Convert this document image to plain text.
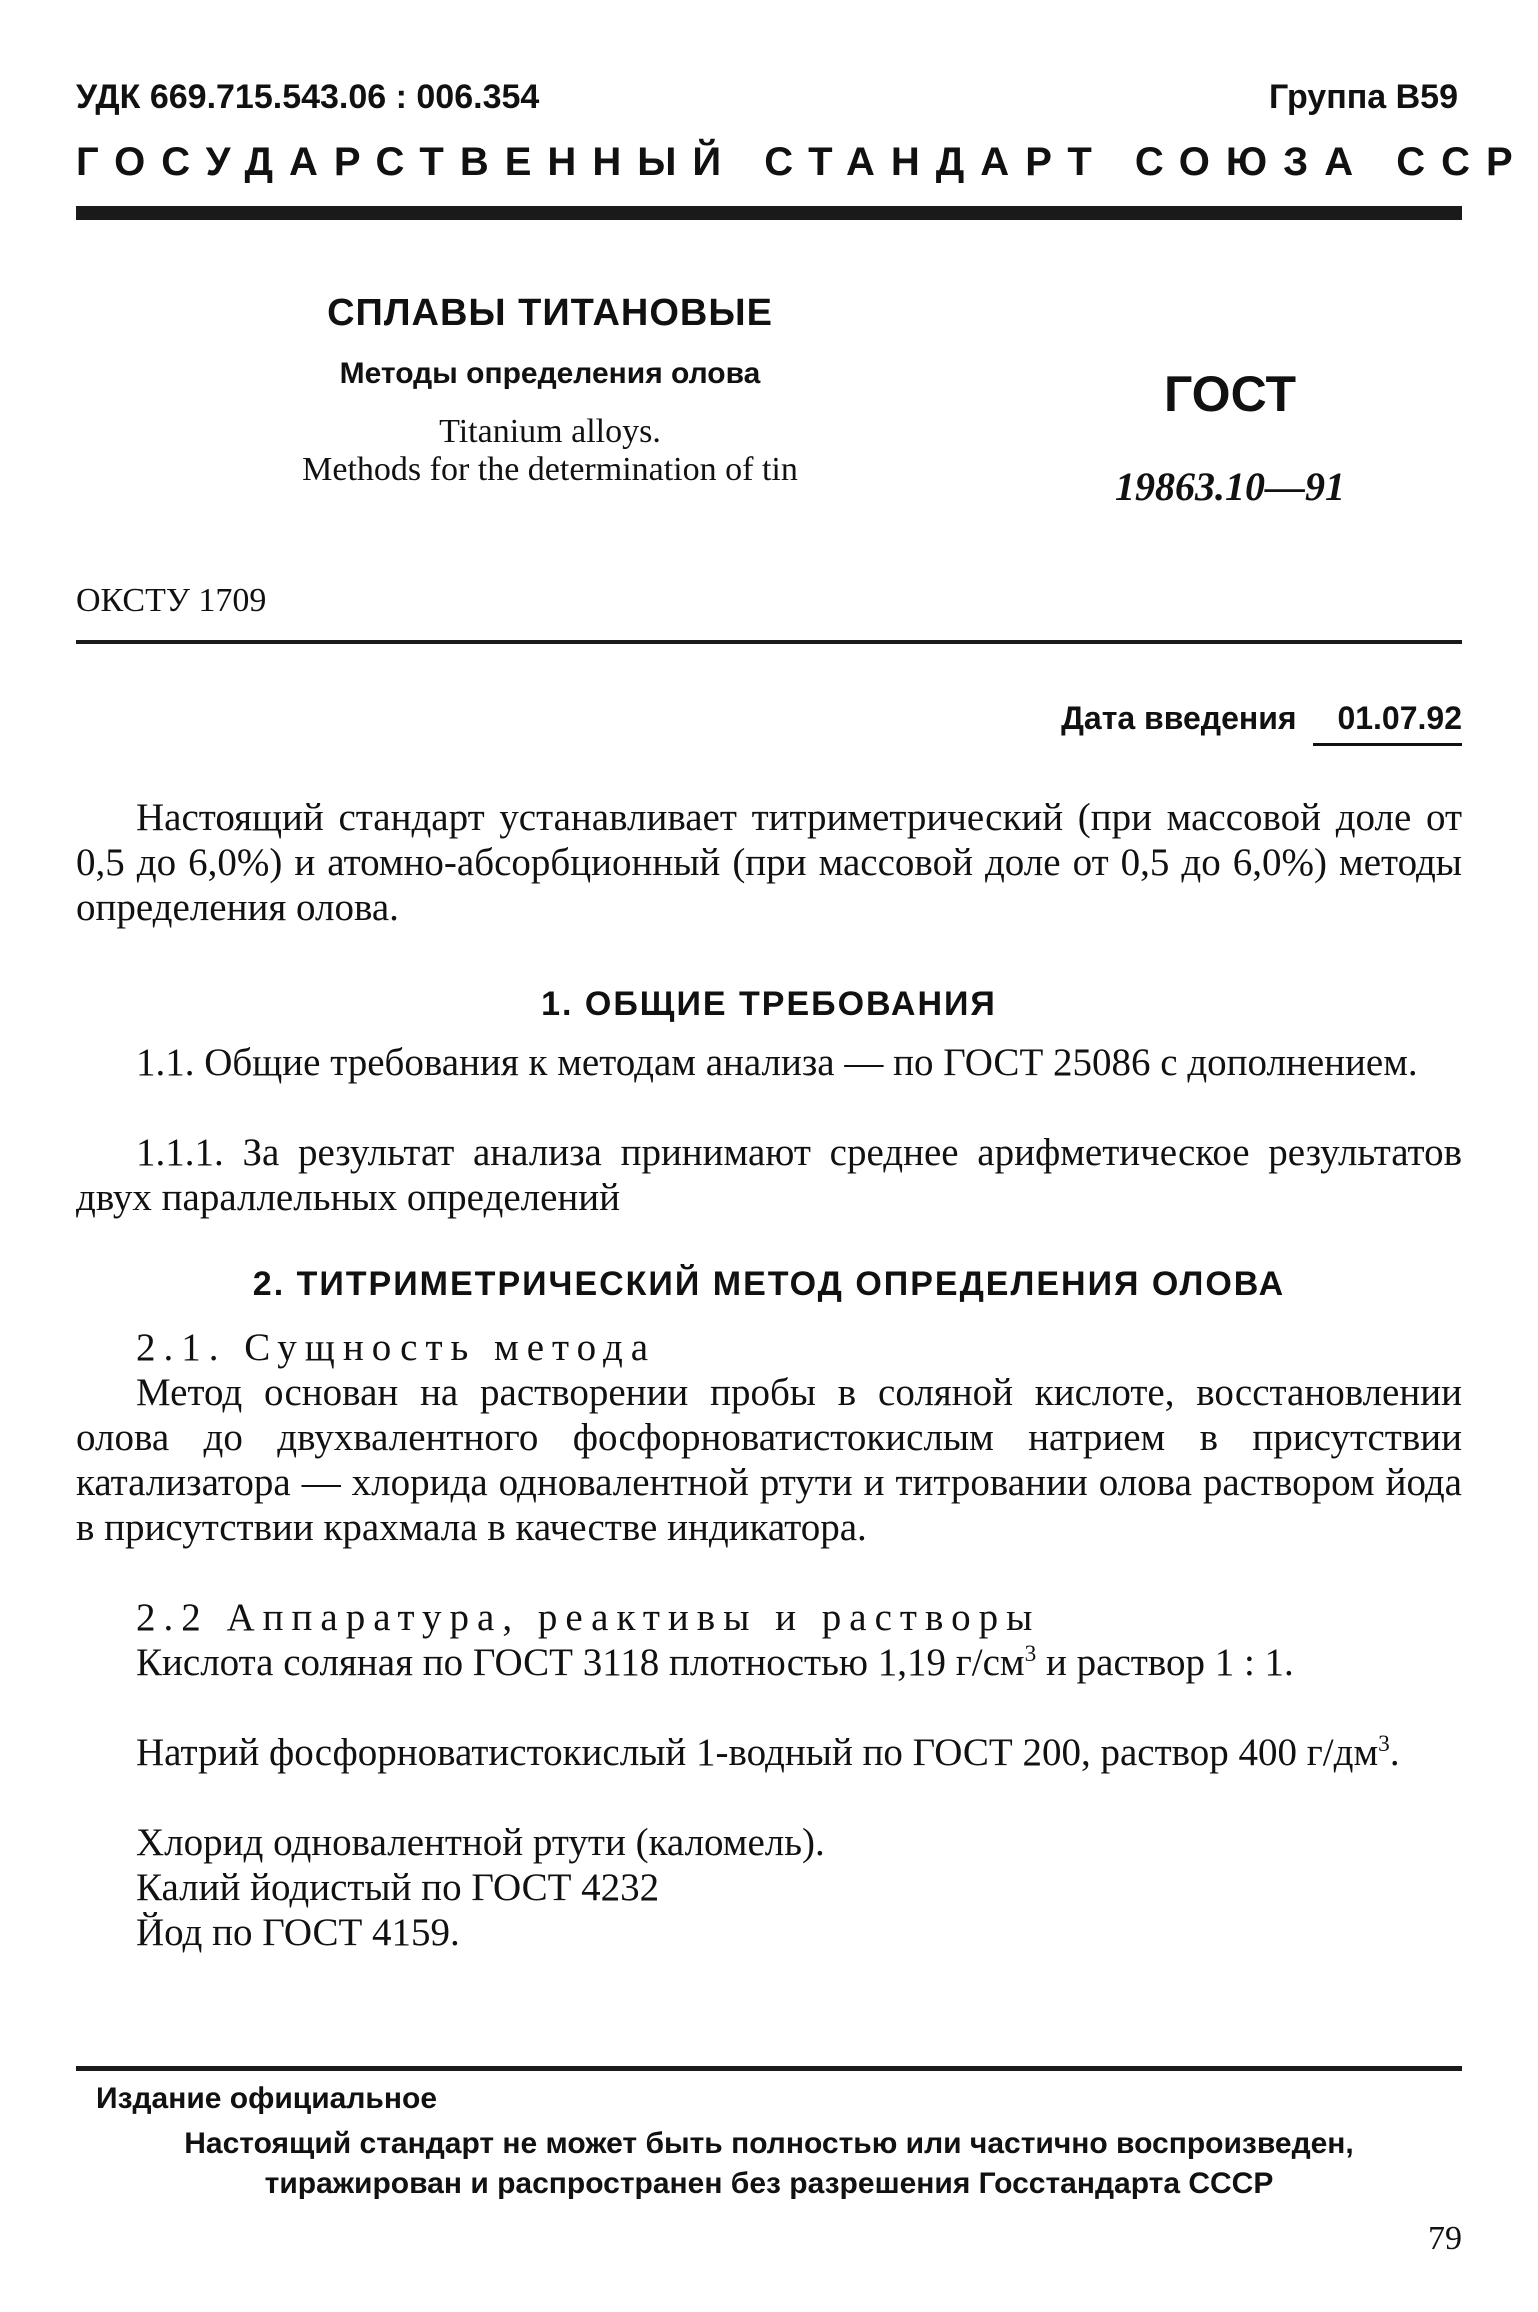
УДК 669.715.543.06 : 006.354	Группа В59
ГОСУДАРСТВЕННЫЙ СТАНДАРТ СОЮЗА ССР
СПЛАВЫ ТИТАНОВЫЕ
Методы определения олова
Titanium alloys.
Methods for the determination of tin
ГОСТ
19863.10—91
ОКСТУ 1709
Дата введения 01.07.92
Настоящий стандарт устанавливает титриметрический (при массовой доле от 0,5 до 6,0%) и атомно-абсорбционный (при массовой доле от 0,5 до 6,0%) методы определения олова.
1. ОБЩИЕ ТРЕБОВАНИЯ
1.1. Общие требования к методам анализа — по ГОСТ 25086 с дополнением.
1.1.1. За результат анализа принимают среднее арифметическое результатов двух параллельных определений
2. ТИТРИМЕТРИЧЕСКИЙ МЕТОД ОПРЕДЕЛЕНИЯ ОЛОВА
2.1. Сущность метода
Метод основан на растворении пробы в соляной кислоте, восстановлении олова до двухвалентного фосфорноватистокислым натрием в присутствии катализатора — хлорида одновалентной ртути и титровании олова раствором йода в присутствии крахмала в качестве индикатора.
2.2 Аппаратура, реактивы и растворы
Кислота соляная по ГОСТ 3118 плотностью 1,19 $г/см^3$ и раствор 1 : 1.
Натрий фосфорноватистокислый 1-водный по ГОСТ 200, раствор 400 $г/дм^3$.
Хлорид одновалентной ртути (каломель).
Калий йодистый по ГОСТ 4232
Йод по ГОСТ 4159.
Издание официальное
Настоящий стандарт не может быть полностью или частично воспроизведен,
тиражирован и распространен без разрешения Госстандарта СССР
79
